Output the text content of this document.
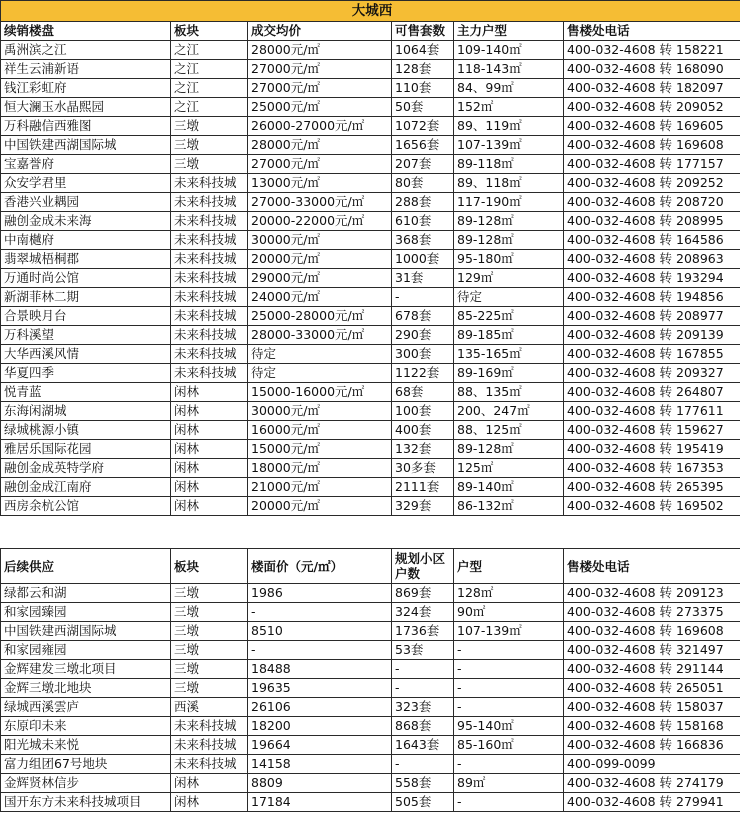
大城西					
续销楼盘	板块	成交均价	可售套数	主力户型	售楼处电话
禹洲滨之江	之江	28000元/㎡	1064套	109-140㎡	400-032-4608 转 158221
祥生云浦新语	之江	27000元/㎡	128套	118-143㎡	400-032-4608 转 168090
钱江彩虹府	之江	27000元/㎡	110套	84、99㎡	400-032-4608 转 182097
恒大澜玉水晶熙园	之江	25000元/㎡	50套	152㎡	400-032-4608 转 209052
万科融信西雅图	三墩	26000-27000元/㎡	1072套	89、119㎡	400-032-4608 转 169605
中国铁建西湖国际城	三墩	28000元/㎡	1656套	107-139㎡	400-032-4608 转 169608
宝嘉誉府	三墩	27000元/㎡	207套	89-118㎡	400-032-4608 转 177157
众安学君里	未来科技城	13000元/㎡	80套	89、118㎡	400-032-4608 转 209252
香港兴业耦园	未来科技城	27000-33000元/㎡	288套	117-190㎡	400-032-4608 转 208720
融创金成未来海	未来科技城	20000-22000元/㎡	610套	89-128㎡	400-032-4608 转 208995
中南樾府	未来科技城	30000元/㎡	368套	89-128㎡	400-032-4608 转 164586
翡翠城梧桐郡	未来科技城	20000元/㎡	1000套	95-180㎡	400-032-4608 转 208963
万通时尚公馆	未来科技城	29000元/㎡	31套	129㎡	400-032-4608 转 193294
新湖菲林二期	未来科技城	24000元/㎡	-	待定	400-032-4608 转 194856
合景映月台	未来科技城	25000-28000元/㎡	678套	85-225㎡	400-032-4608 转 208977
万科溪望	未来科技城	28000-33000元/㎡	290套	89-185㎡	400-032-4608 转 209139
大华西溪风情	未来科技城	待定	300套	135-165㎡	400-032-4608 转 167855
华夏四季	未来科技城	待定	1122套	89-169㎡	400-032-4608 转 209327
悦青蓝	闲林	15000-16000元/㎡	68套	88、135㎡	400-032-4608 转 264807
东海闲湖城	闲林	30000元/㎡	100套	200、247㎡	400-032-4608 转 177611
绿城桃源小镇	闲林	16000元/㎡	400套	88、125㎡	400-032-4608 转 159627
雅居乐国际花园	闲林	15000元/㎡	132套	89-128㎡	400-032-4608 转 195419
融创金成英特学府	闲林	18000元/㎡	30多套	125㎡	400-032-4608 转 167353
融创金成江南府	闲林	21000元/㎡	2111套	89-140㎡	400-032-4608 转 265395
西房余杭公馆	闲林	20000元/㎡	329套	86-132㎡	400-032-4608 转 169502
后续供应	板块	楼面价（元/㎡）	规划小区户数	户型	售楼处电话
绿都云和湖	三墩	1986	869套	128㎡	400-032-4608 转 209123
和家园臻园	三墩	-	324套	90㎡	400-032-4608 转 273375
中国铁建西湖国际城	三墩	8510	1736套	107-139㎡	400-032-4608 转 169608
和家园雍园	三墩	-	53套	-	400-032-4608 转 321497
金辉建发三墩北项目	三墩	18488	-	-	400-032-4608 转 291144
金辉三墩北地块	三墩	19635	-	-	400-032-4608 转 265051
绿城西溪雲庐	西溪	26106	323套	-	400-032-4608 转 158037
东原印未来	未来科技城	18200	868套	95-140㎡	400-032-4608 转 158168
阳光城未来悦	未来科技城	19664	1643套	85-160㎡	400-032-4608 转 166836
富力组团67号地块	未来科技城	14158	-	-	400-099-0099
金辉贤林信步	闲林	8809	558套	89㎡	400-032-4608 转 274179
国开东方未来科技城项目	闲林	17184	505套	-	400-032-4608 转 279941
